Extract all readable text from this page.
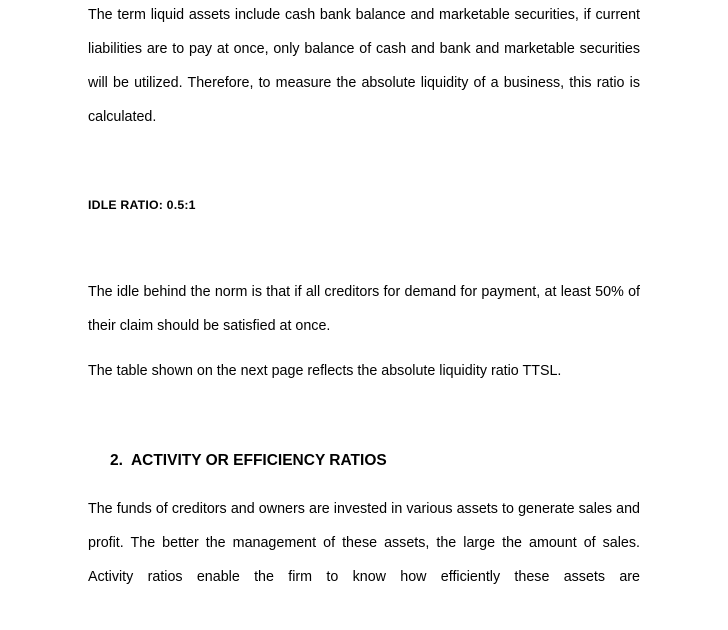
The term liquid assets include cash bank balance and marketable securities, if current liabilities are to pay at once, only balance of cash and bank and marketable securities will be utilized. Therefore, to measure the absolute liquidity of a business, this ratio is calculated.

IDLE RATIO: 0.5:1

The idle behind the norm is that if all creditors for demand for payment, at least 50% of their claim should be satisfied at once.

The table shown on the next page reflects the absolute liquidity ratio TTSL.

2. ACTIVITY OR EFFICIENCY RATIOS

The funds of creditors and owners are invested in various assets to generate sales and profit. The better the management of these assets, the large the amount of sales. Activity ratios enable the firm to know how efficiently these assets are
